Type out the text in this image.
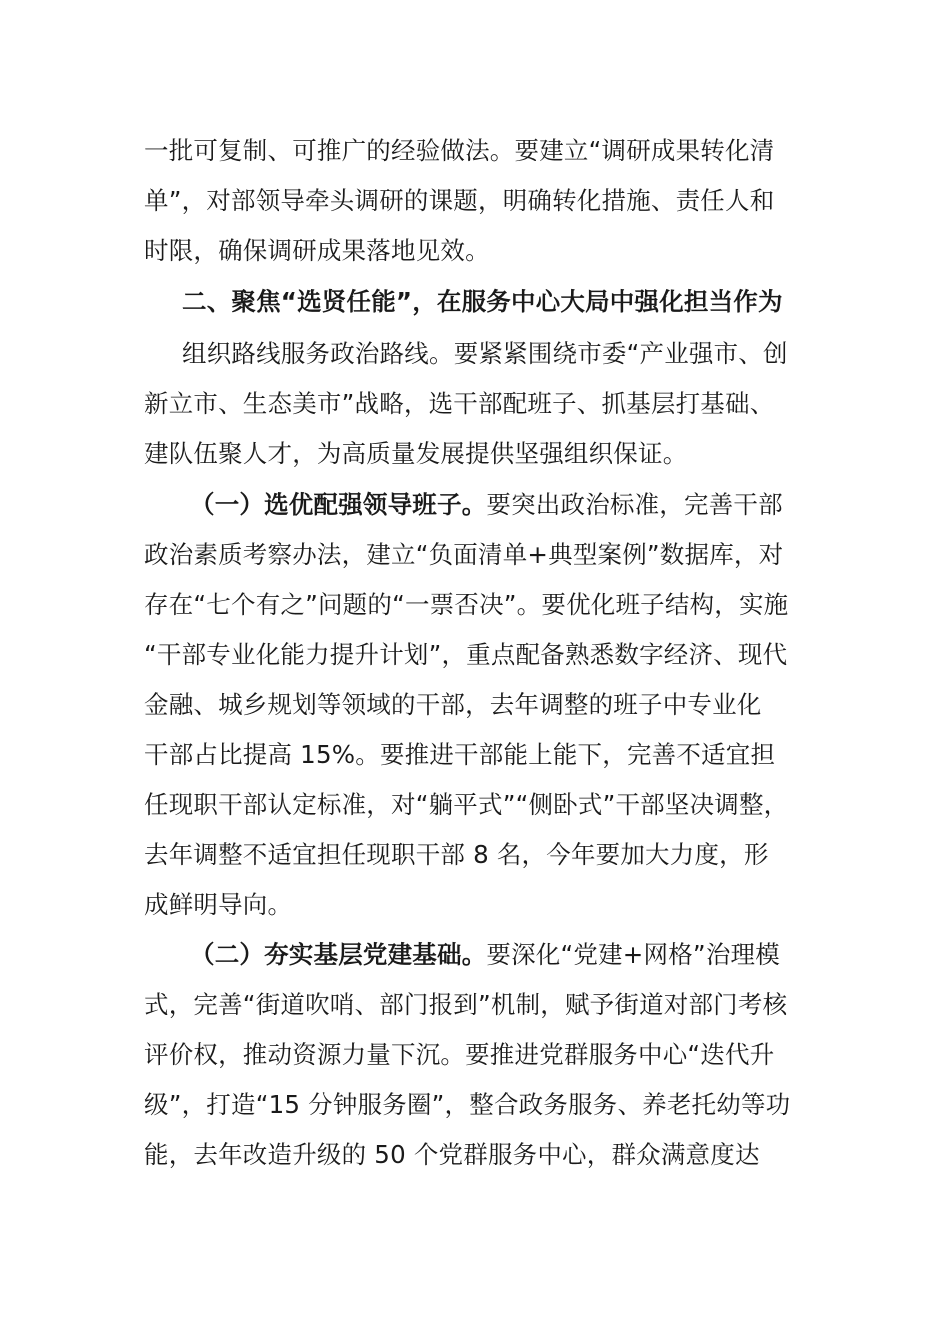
一批可复制、可推广的经验做法。要建立“调研成果转化清
单”，对部领导牵头调研的课题，明确转化措施、责任人和
时限，确保调研成果落地见效。
二、聚焦“选贤任能”，在服务中心大局中强化担当作为
组织路线服务政治路线。要紧紧围绕市委“产业强市、创
新立市、生态美市”战略，选干部配班子、抓基层打基础、
建队伍聚人才，为高质量发展提供坚强组织保证。
（一）选优配强领导班子。要突出政治标准，完善干部
政治素质考察办法，建立“负面清单+典型案例”数据库，对
存在“七个有之”问题的“一票否决”。要优化班子结构，实施
“干部专业化能力提升计划”，重点配备熟悉数字经济、现代
金融、城乡规划等领域的干部，去年调整的班子中专业化
干部占比提高 15%。要推进干部能上能下，完善不适宜担
任现职干部认定标准，对“躺平式”“侧卧式”干部坚决调整，
去年调整不适宜担任现职干部 8 名，今年要加大力度，形
成鲜明导向。
（二）夯实基层党建基础。要深化“党建+网格”治理模
式，完善“街道吹哨、部门报到”机制，赋予街道对部门考核
评价权，推动资源力量下沉。要推进党群服务中心“迭代升
级”，打造“15 分钟服务圈”，整合政务服务、养老托幼等功
能，去年改造升级的 50 个党群服务中心，群众满意度达
